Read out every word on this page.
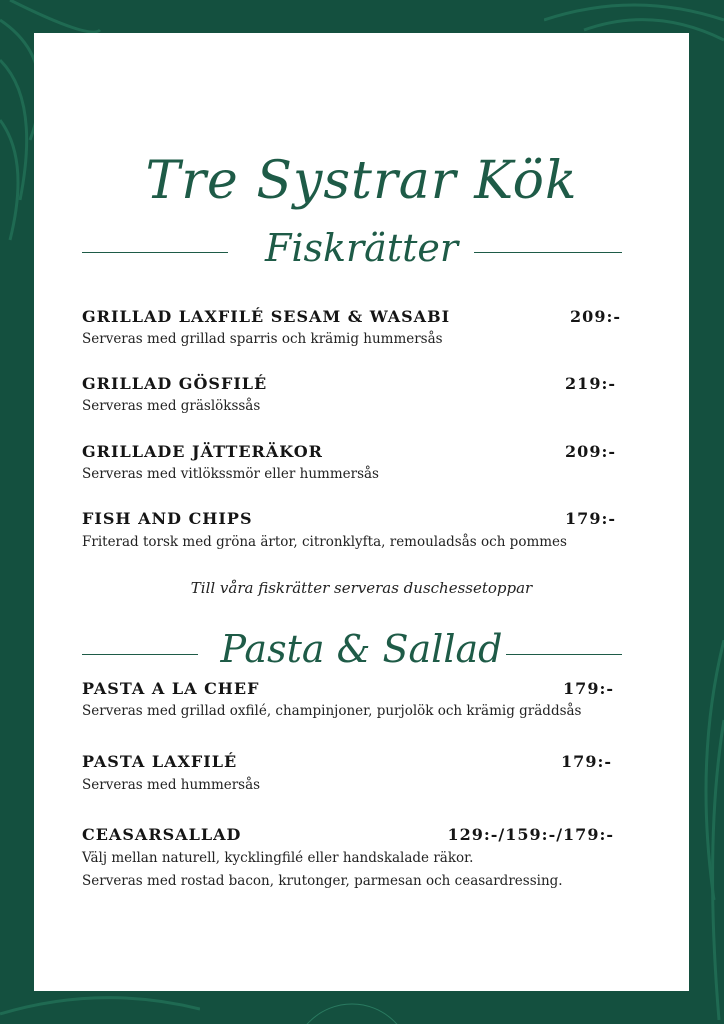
Tre Systrar Kök
Fiskrätter
GRILLAD LAXFILÉ SESAM & WASABI	209:-
Serveras med grillad sparris och krämig hummersås
GRILLAD GÖSFILÉ	219:-
Serveras med gräslökssås
GRILLADE JÄTTERÄKOR	209:-
Serveras med vitlökssmör eller hummersås
FISH AND CHIPS	179:-
Friterad torsk med gröna ärtor, citronklyfta, remouladsås och pommes
Till våra fiskrätter serveras duschessetoppar
Pasta & Sallad
PASTA A LA CHEF	179:-
Serveras med grillad oxfilé, champinjoner, purjolök och krämig gräddsås
PASTA LAXFILÉ	179:-
Serveras med hummersås
CEASARSALLAD	129:-/159:-/179:-
Välj mellan naturell, kycklingfilé eller handskalade räkor.
Serveras med rostad bacon, krutonger, parmesan och ceasardressing.
